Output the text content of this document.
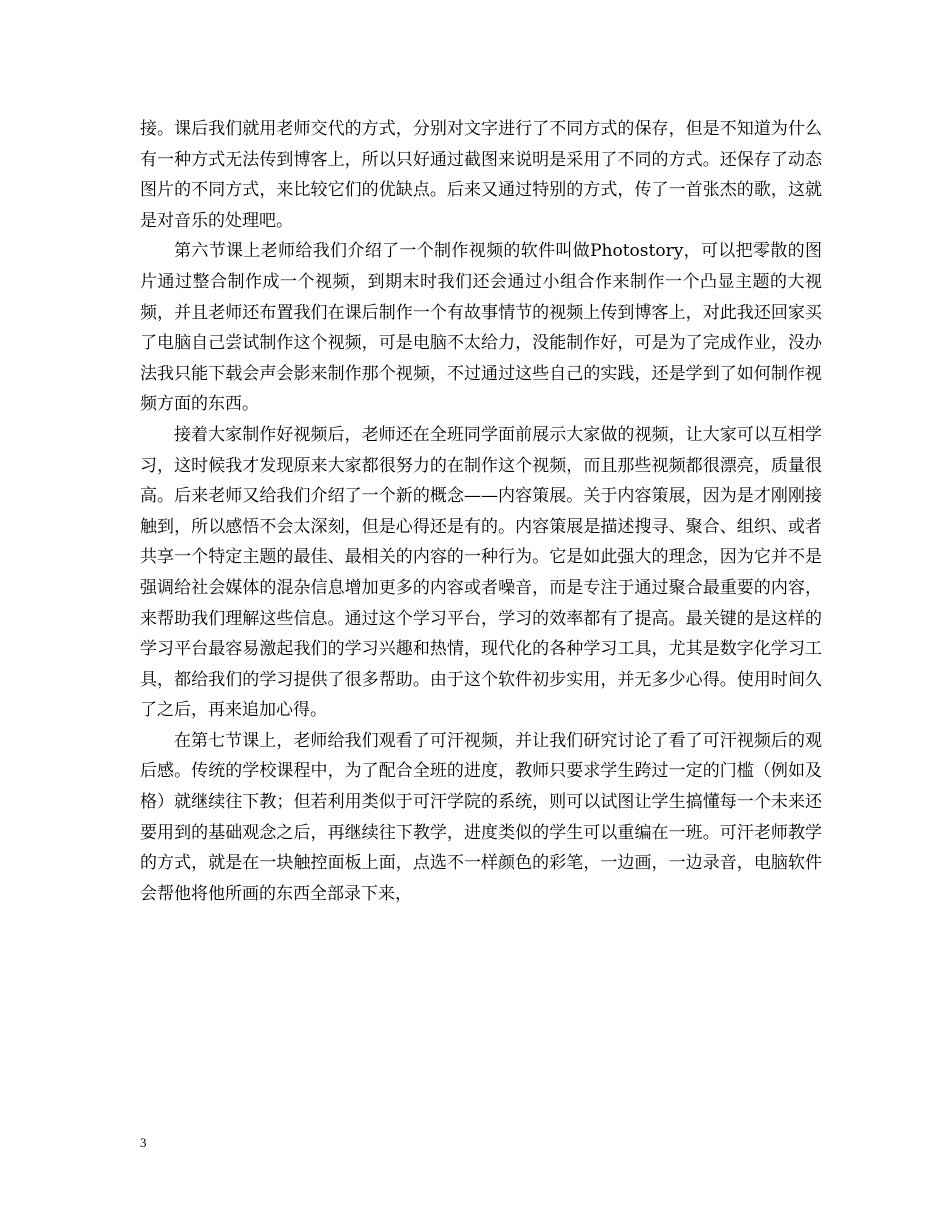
接。课后我们就用老师交代的方式，分别对文字进行了不同方式的保存，但是不知道为什么有一种方式无法传到博客上，所以只好通过截图来说明是采用了不同的方式。还保存了动态图片的不同方式，来比较它们的优缺点。后来又通过特别的方式，传了一首张杰的歌，这就是对音乐的处理吧。

第六节课上老师给我们介绍了一个制作视频的软件叫做Photostory，可以把零散的图片通过整合制作成一个视频，到期末时我们还会通过小组合作来制作一个凸显主题的大视频，并且老师还布置我们在课后制作一个有故事情节的视频上传到博客上，对此我还回家买了电脑自己尝试制作这个视频，可是电脑不太给力，没能制作好，可是为了完成作业，没办法我只能下载会声会影来制作那个视频，不过通过这些自己的实践，还是学到了如何制作视频方面的东西。

接着大家制作好视频后，老师还在全班同学面前展示大家做的视频，让大家可以互相学习，这时候我才发现原来大家都很努力的在制作这个视频，而且那些视频都很漂亮，质量很高。后来老师又给我们介绍了一个新的概念——内容策展。关于内容策展，因为是才刚刚接触到，所以感悟不会太深刻，但是心得还是有的。内容策展是描述搜寻、聚合、组织、或者共享一个特定主题的最佳、最相关的内容的一种行为。它是如此强大的理念，因为它并不是强调给社会媒体的混杂信息增加更多的内容或者噪音，而是专注于通过聚合最重要的内容，来帮助我们理解这些信息。通过这个学习平台，学习的效率都有了提高。最关键的是这样的学习平台最容易激起我们的学习兴趣和热情，现代化的各种学习工具，尤其是数字化学习工具，都给我们的学习提供了很多帮助。由于这个软件初步实用，并无多少心得。使用时间久了之后，再来追加心得。

在第七节课上，老师给我们观看了可汗视频，并让我们研究讨论了看了可汗视频后的观后感。传统的学校课程中，为了配合全班的进度，教师只要求学生跨过一定的门槛（例如及格）就继续往下教；但若利用类似于可汗学院的系统，则可以试图让学生搞懂每一个未来还要用到的基础观念之后，再继续往下教学，进度类似的学生可以重编在一班。可汗老师教学的方式，就是在一块触控面板上面，点选不一样颜色的彩笔，一边画，一边录音，电脑软件会帮他将他所画的东西全部录下来，

3
